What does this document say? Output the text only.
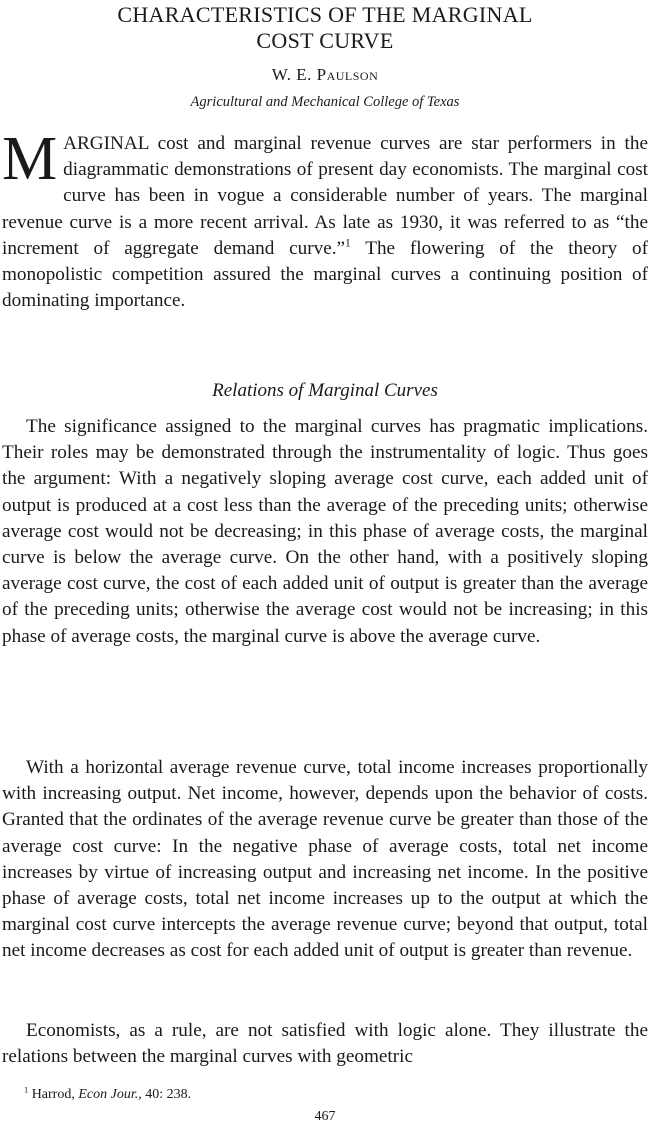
CHARACTERISTICS OF THE MARGINAL
COST CURVE
W. E. Paulson
Agricultural and Mechanical College of Texas
MARGINAL cost and marginal revenue curves are star performers in the diagrammatic demonstrations of present day economists. The marginal cost curve has been in vogue a considerable number of years. The marginal revenue curve is a more recent arrival. As late as 1930, it was referred to as “the increment of aggregate demand curve.”$^1$ The flowering of the theory of monopolistic competition assured the marginal curves a continuing position of dominating importance.
Relations of Marginal Curves
The significance assigned to the marginal curves has pragmatic implications. Their roles may be demonstrated through the instrumentality of logic. Thus goes the argument: With a negatively sloping average cost curve, each added unit of output is produced at a cost less than the average of the preceding units; otherwise average cost would not be decreasing; in this phase of average costs, the marginal curve is below the average curve. On the other hand, with a positively sloping average cost curve, the cost of each added unit of output is greater than the average of the preceding units; otherwise the average cost would not be increasing; in this phase of average costs, the marginal curve is above the average curve.
With a horizontal average revenue curve, total income increases proportionally with increasing output. Net income, however, depends upon the behavior of costs. Granted that the ordinates of the average revenue curve be greater than those of the average cost curve: In the negative phase of average costs, total net income increases by virtue of increasing output and increasing net income. In the positive phase of average costs, total net income increases up to the output at which the marginal cost curve intercepts the average revenue curve; beyond that output, total net income decreases as cost for each added unit of output is greater than revenue.
Economists, as a rule, are not satisfied with logic alone. They illustrate the relations between the marginal curves with geometric
$^1$ Harrod, Econ Jour., 40: 238.
467
